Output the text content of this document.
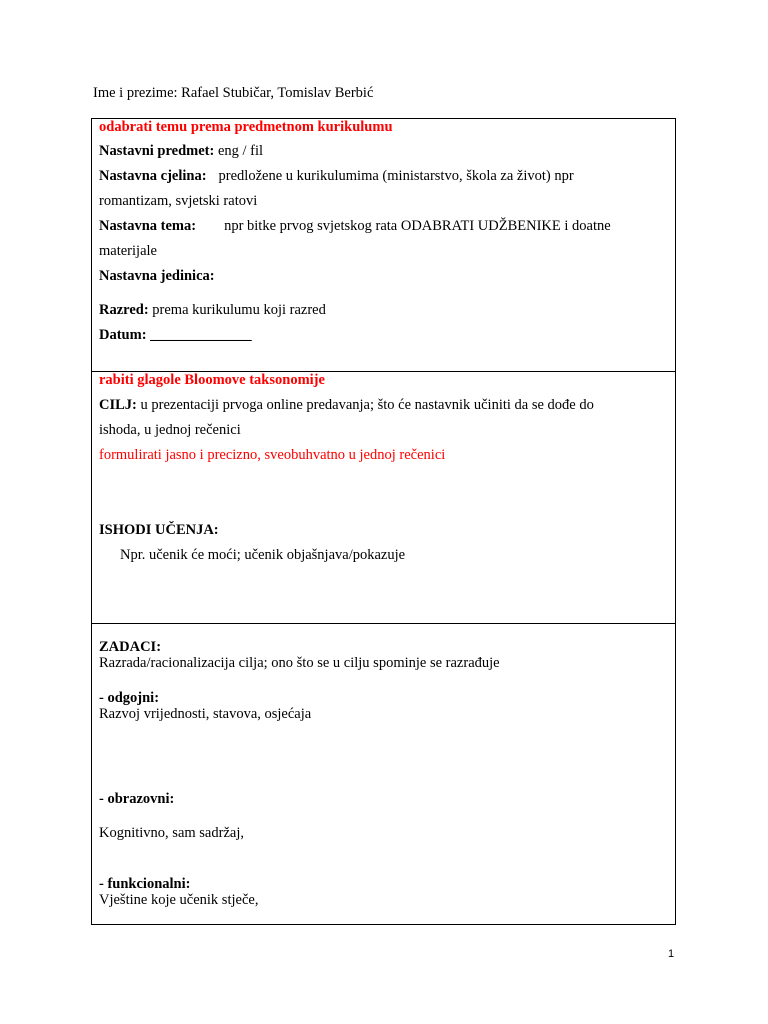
Ime i prezime: Rafael Stubičar, Tomislav Berbić
odabrati temu prema predmetnom kurikulumu
Nastavni predmet: eng / fil
Nastavna cjelina: predložene u kurikulumima (ministarstvo, škola za život) npr
romantizam, svjetski ratovi
Nastavna tema: npr bitke prvog svjetskog rata ODABRATI UDŽBENIKE i doatne
materijale
Nastavna jedinica:
Razred: prema kurikulumu koji razred
Datum: ______________
rabiti glagole Bloomove taksonomije
CILJ: u prezentaciji prvoga online predavanja; što će nastavnik učiniti da se dođe do
ishoda, u jednoj rečenici
formulirati jasno i precizno, sveobuhvatno u jednoj rečenici
ISHODI UČENJA:
Npr. učenik će moći; učenik objašnjava/pokazuje
ZADACI:
Razrada/racionalizacija cilja; ono što se u cilju spominje se razrađuje
- odgojni:
Razvoj vrijednosti, stavova, osjećaja
- obrazovni:
Kognitivno, sam sadržaj,
- funkcionalni:
Vještine koje učenik stječe,
1
